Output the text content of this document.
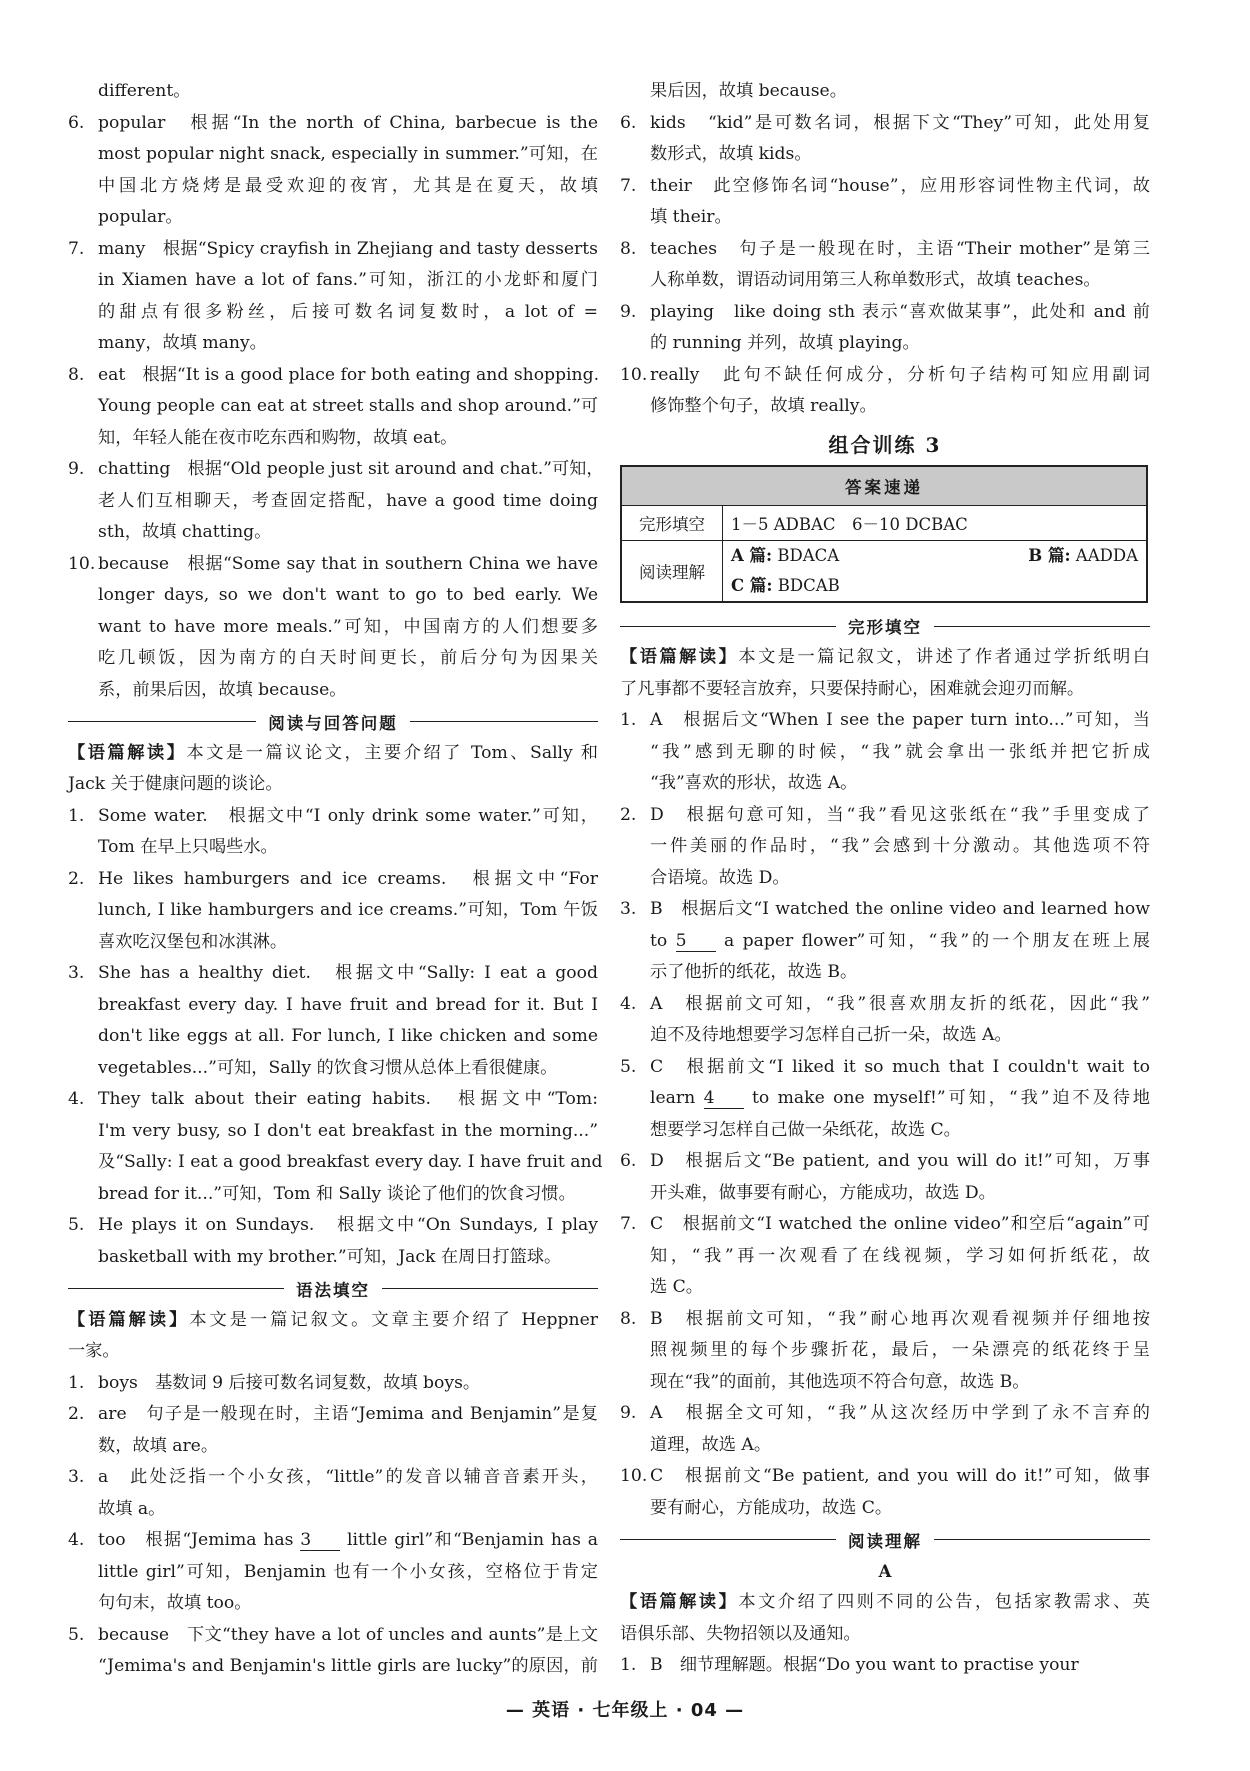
different。
6. popular　根据“In the north of China, barbecue is the
most popular night snack, especially in summer.”可知，在
中国北方烧烤是最受欢迎的夜宵，尤其是在夏天，故填
popular。
7. many　根据“Spicy crayfish in Zhejiang and tasty desserts
in Xiamen have a lot of fans.”可知，浙江的小龙虾和厦门
的甜点有很多粉丝，后接可数名词复数时，a lot of =
many，故填 many。
8. eat　根据“It is a good place for both eating and shopping.
Young people can eat at street stalls and shop around.”可
知，年轻人能在夜市吃东西和购物，故填 eat。
9. chatting　根据“Old people just sit around and chat.”可知，
老人们互相聊天，考查固定搭配，have a good time doing
sth，故填 chatting。
10. because　根据“Some say that in southern China we have
longer days, so we don't want to go to bed early. We
want to have more meals.”可知，中国南方的人们想要多
吃几顿饭，因为南方的白天时间更长，前后分句为因果关
系，前果后因，故填 because。
阅读与回答问题
【语篇解读】本文是一篇议论文，主要介绍了 Tom、Sally 和
Jack 关于健康问题的谈论。
1. Some water.　根据文中“I only drink some water.”可知，
Tom 在早上只喝些水。
2. He likes hamburgers and ice creams.　根据文中“For
lunch, I like hamburgers and ice creams.”可知，Tom 午饭
喜欢吃汉堡包和冰淇淋。
3. She has a healthy diet.　根据文中“Sally: I eat a good
breakfast every day. I have fruit and bread for it. But I
don't like eggs at all. For lunch, I like chicken and some
vegetables...”可知，Sally 的饮食习惯从总体上看很健康。
4. They talk about their eating habits.　根据文中“Tom:
I'm very busy, so I don't eat breakfast in the morning...”
及“Sally: I eat a good breakfast every day. I have fruit and
bread for it...”可知，Tom 和 Sally 谈论了他们的饮食习惯。
5. He plays it on Sundays.　根据文中“On Sundays, I play
basketball with my brother.”可知，Jack 在周日打篮球。
语法填空
【语篇解读】本文是一篇记叙文。文章主要介绍了 Heppner
一家。
1. boys　基数词 9 后接可数名词复数，故填 boys。
2. are　句子是一般现在时，主语“Jemima and Benjamin”是复
数，故填 are。
3. a　此处泛指一个小女孩，“little”的发音以辅音音素开头，
故填 a。
4. too　根据“Jemima has 3 little girl”和“Benjamin has a
little girl”可知，Benjamin 也有一个小女孩，空格位于肯定
句句末，故填 too。
5. because　下文“they have a lot of uncles and aunts”是上文
“Jemima's and Benjamin's little girls are lucky”的原因，前
果后因，故填 because。
6. kids　“kid”是可数名词，根据下文“They”可知，此处用复
数形式，故填 kids。
7. their　此空修饰名词“house”，应用形容词性物主代词，故
填 their。
8. teaches　句子是一般现在时，主语“Their mother”是第三
人称单数，谓语动词用第三人称单数形式，故填 teaches。
9. playing　like doing sth 表示“喜欢做某事”，此处和 and 前
的 running 并列，故填 playing。
10. really　此句不缺任何成分，分析句子结构可知应用副词
修饰整个句子，故填 really。
组合训练 3
答案速递	
完形填空	1－5 ADBAC　6－10 DCBAC
阅读理解	A 篇: BDACA B 篇: AADDA
C 篇: BDCAB
完形填空
【语篇解读】本文是一篇记叙文，讲述了作者通过学折纸明白
了凡事都不要轻言放弃，只要保持耐心，困难就会迎刃而解。
1. A　根据后文“When I see the paper turn into...”可知，当
“我”感到无聊的时候，“我”就会拿出一张纸并把它折成
“我”喜欢的形状，故选 A。
2. D　根据句意可知，当“我”看见这张纸在“我”手里变成了
一件美丽的作品时，“我”会感到十分激动。其他选项不符
合语境。故选 D。
3. B　根据后文“I watched the online video and learned how
to 5 a paper flower”可知，“我”的一个朋友在班上展
示了他折的纸花，故选 B。
4. A　根据前文可知，“我”很喜欢朋友折的纸花，因此“我”
迫不及待地想要学习怎样自己折一朵，故选 A。
5. C　根据前文“I liked it so much that I couldn't wait to
learn 4 to make one myself!”可知，“我”迫不及待地
想要学习怎样自己做一朵纸花，故选 C。
6. D　根据后文“Be patient, and you will do it!”可知，万事
开头难，做事要有耐心，方能成功，故选 D。
7. C　根据前文“I watched the online video”和空后“again”可
知，“我”再一次观看了在线视频，学习如何折纸花，故
选 C。
8. B　根据前文可知，“我”耐心地再次观看视频并仔细地按
照视频里的每个步骤折花，最后，一朵漂亮的纸花终于呈
现在“我”的面前，其他选项不符合句意，故选 B。
9. A　根据全文可知，“我”从这次经历中学到了永不言弃的
道理，故选 A。
10. C　根据前文“Be patient, and you will do it!”可知，做事
要有耐心，方能成功，故选 C。
阅读理解
A
【语篇解读】本文介绍了四则不同的公告，包括家教需求、英
语俱乐部、失物招领以及通知。
1. B　细节理解题。根据“Do you want to practise your
— 英语 · 七年级上 · 04 —
